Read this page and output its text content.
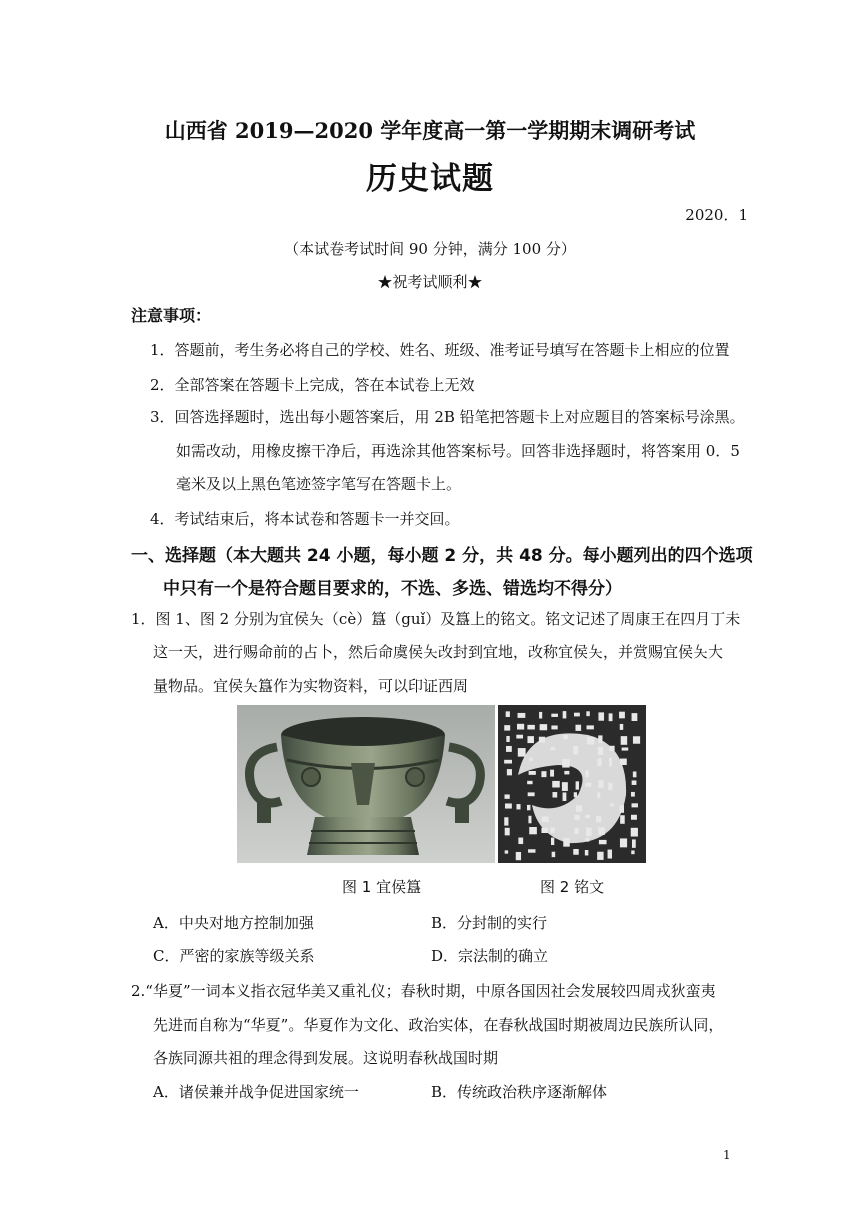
山西省 2019—2020 学年度高一第一学期期末调研考试
历史试题
2020．1
（本试卷考试时间 90 分钟，满分 100 分）
★祝考试顺利★
注意事项：
1．答题前，考生务必将自己的学校、姓名、班级、准考证号填写在答题卡上相应的位置
2．全部答案在答题卡上完成，答在本试卷上无效
3．回答选择题时，选出每小题答案后，用 2B 铅笔把答题卡上对应题目的答案标号涂黑。
如需改动，用橡皮擦干净后，再选涂其他答案标号。回答非选择题时，将答案用 0．5
毫米及以上黑色笔迹签字笔写在答题卡上。
4．考试结束后，将本试卷和答题卡一并交回。
一、选择题（本大题共 24 小题，每小题 2 分，共 48 分。每小题列出的四个选项
中只有一个是符合题目要求的，不选、多选、错选均不得分）
1．图 1、图 2 分别为宜侯夨（cè）簋（guǐ）及簋上的铭文。铭文记述了周康王在四月丁未
这一天，进行赐命前的占卜，然后命虞侯夨改封到宜地，改称宜侯夨，并赏赐宜侯夨大
量物品。宜侯夨簋作为实物资料，可以印证西周
图 1 宜侯簋	图 2 铭文
A．中央对地方控制加强	B．分封制的实行
C．严密的家族等级关系	D．宗法制的确立
2.“华夏”一词本义指衣冠华美又重礼仪；春秋时期，中原各国因社会发展较四周戎狄蛮夷
先进而自称为“华夏”。华夏作为文化、政治实体，在春秋战国时期被周边民族所认同，
各族同源共祖的理念得到发展。这说明春秋战国时期
A．诸侯兼并战争促进国家统一	B．传统政治秩序逐渐解体
1
